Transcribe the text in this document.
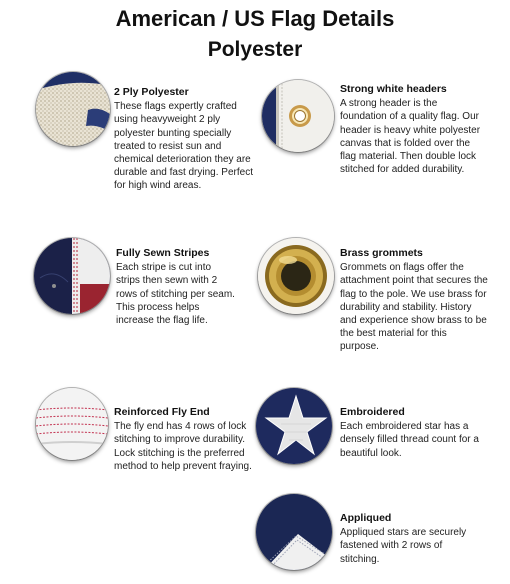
American / US Flag Details
Polyester
2 Ply Polyester
These flags expertly crafted using heavyweight 2 ply polyester bunting specially treated to resist sun and chemical deterioration they are durable and fast drying. Perfect for high wind areas.
Strong white headers
A strong header is the foundation of a quality flag. Our header is heavy white polyester canvas that is folded over the flag material. Then double lock stitched for added durability.
Fully Sewn Stripes
Each stripe is cut into strips then sewn with 2 rows of stitching per seam. This process helps increase the flag life.
Brass grommets
Grommets on flags offer the attachment point that secures the flag to the pole. We use brass for durability and stability. History and experience show brass to be the best material for this purpose.
Reinforced Fly End
The fly end has 4 rows of lock stitching to improve durability. Lock stitching is the preferred method to help prevent fraying.
Embroidered
Each embroidered star has a densely filled thread count for a beautiful look.
Appliqued
Appliqued stars are securely fastened with 2 rows of stitching.
